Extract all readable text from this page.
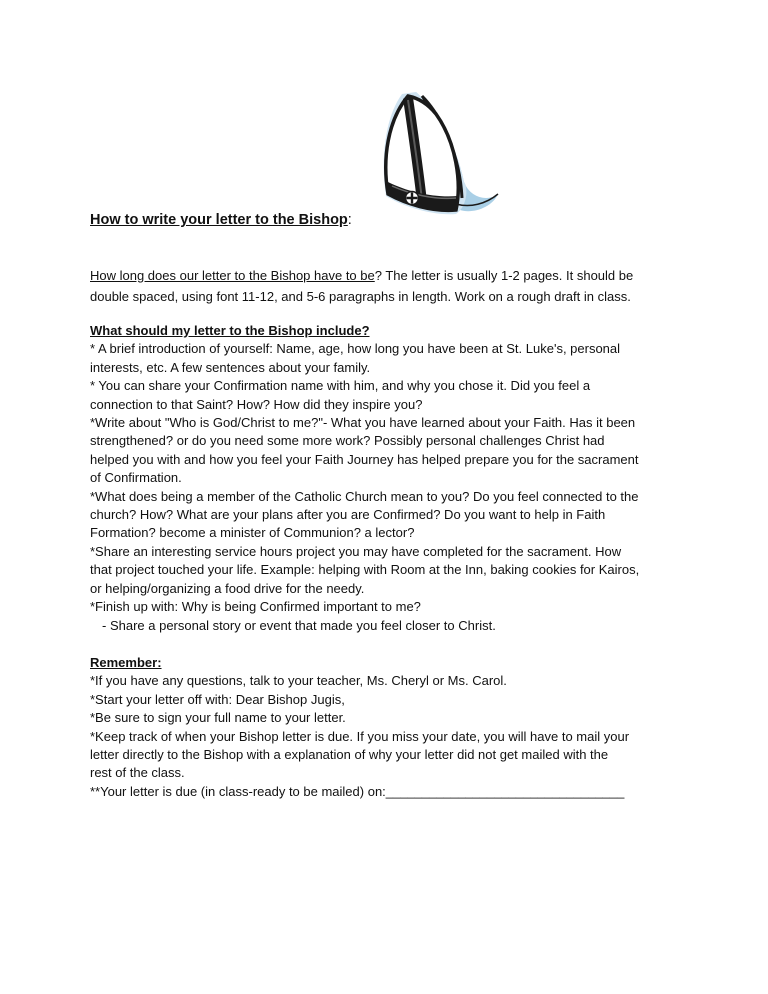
How to write your letter to the Bishop:
How long does our letter to the Bishop have to be? The letter is usually 1-2 pages. It should be
double spaced, using font 11-12, and 5-6 paragraphs in length. Work on a rough draft in class.
What should my letter to the Bishop include?
* A brief introduction of yourself: Name, age, how long you have been at St. Luke's, personal
interests, etc. A few sentences about your family.
* You can share your Confirmation name with him, and why you chose it. Did you feel a
connection to that Saint? How? How did they inspire you?
*Write about "Who is God/Christ to me?"- What you have learned about your Faith. Has it been
strengthened? or do you need some more work? Possibly personal challenges Christ had
helped you with and how you feel your Faith Journey has helped prepare you for the sacrament
of Confirmation.
*What does being a member of the Catholic Church mean to you? Do you feel connected to the
church? How? What are your plans after you are Confirmed? Do you want to help in Faith
Formation? become a minister of Communion? a lector?
*Share an interesting service hours project you may have completed for the sacrament. How
that project touched your life. Example: helping with Room at the Inn, baking cookies for Kairos,
or helping/organizing a food drive for the needy.
*Finish up with: Why is being Confirmed important to me?
- Share a personal story or event that made you feel closer to Christ.
Remember:
*If you have any questions, talk to your teacher, Ms. Cheryl or Ms. Carol.
*Start your letter off with: Dear Bishop Jugis,
*Be sure to sign your full name to your letter.
*Keep track of when your Bishop letter is due. If you miss your date, you will have to mail your
letter directly to the Bishop with a explanation of why your letter did not get mailed with the
rest of the class.
**Your letter is due (in class-ready to be mailed) on:_________________________________
